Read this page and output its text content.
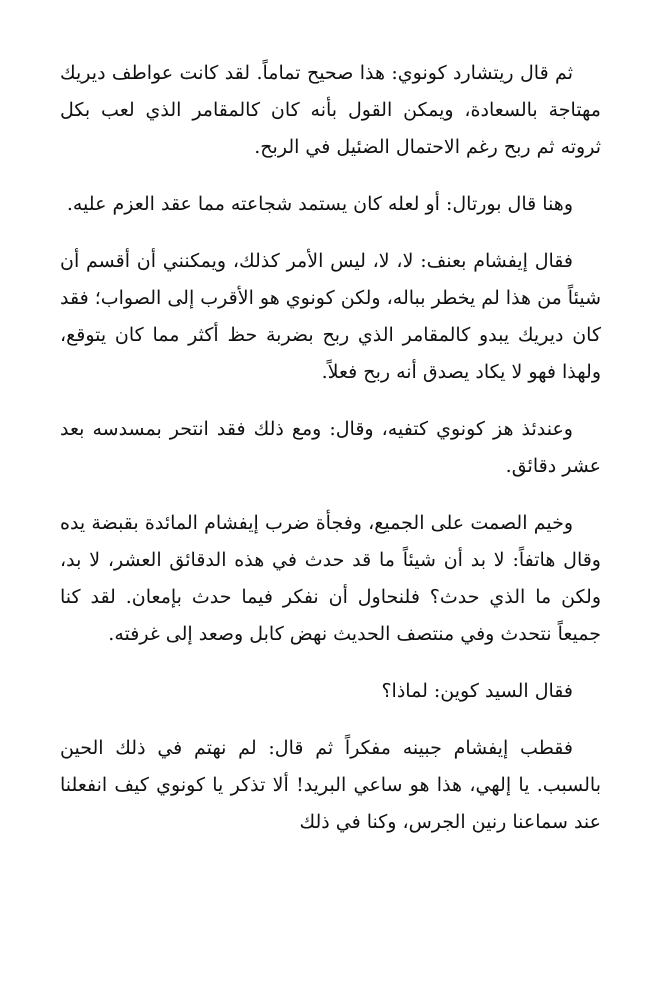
ثم قال ريتشارد كونوي: هذا صحيح تماماً. لقد كانت عواطف ديريك مهتاجة بالسعادة، ويمكن القول بأنه كان كالمقامر الذي لعب بكل ثروته ثم ربح رغم الاحتمال الضئيل في الربح.

وهنا قال بورتال: أو لعله كان يستمد شجاعته مما عقد العزم عليه.

فقال إيفشام بعنف: لا، لا، ليس الأمر كذلك، ويمكنني أن أقسم أن شيئاً من هذا لم يخطر بباله، ولكن كونوي هو الأقرب إلى الصواب؛ فقد كان ديريك يبدو كالمقامر الذي ربح بضربة حظ أكثر مما كان يتوقع، ولهذا فهو لا يكاد يصدق أنه ربح فعلاً.

وعندئذ هز كونوي كتفيه، وقال: ومع ذلك فقد انتحر بمسدسه بعد عشر دقائق.

وخيم الصمت على الجميع، وفجأة ضرب إيفشام المائدة بقبضة يده وقال هاتفاً: لا بد أن شيئاً ما قد حدث في هذه الدقائق العشر، لا بد، ولكن ما الذي حدث؟ فلنحاول أن نفكر فيما حدث بإمعان. لقد كنا جميعاً نتحدث وفي منتصف الحديث نهض كابل وصعد إلى غرفته.

فقال السيد كوين: لماذا؟

فقطب إيفشام جبينه مفكراً ثم قال: لم نهتم في ذلك الحين بالسبب. يا إلهي، هذا هو ساعي البريد! ألا تذكر يا كونوي كيف انفعلنا عند سماعنا رنين الجرس، وكنا في ذلك
